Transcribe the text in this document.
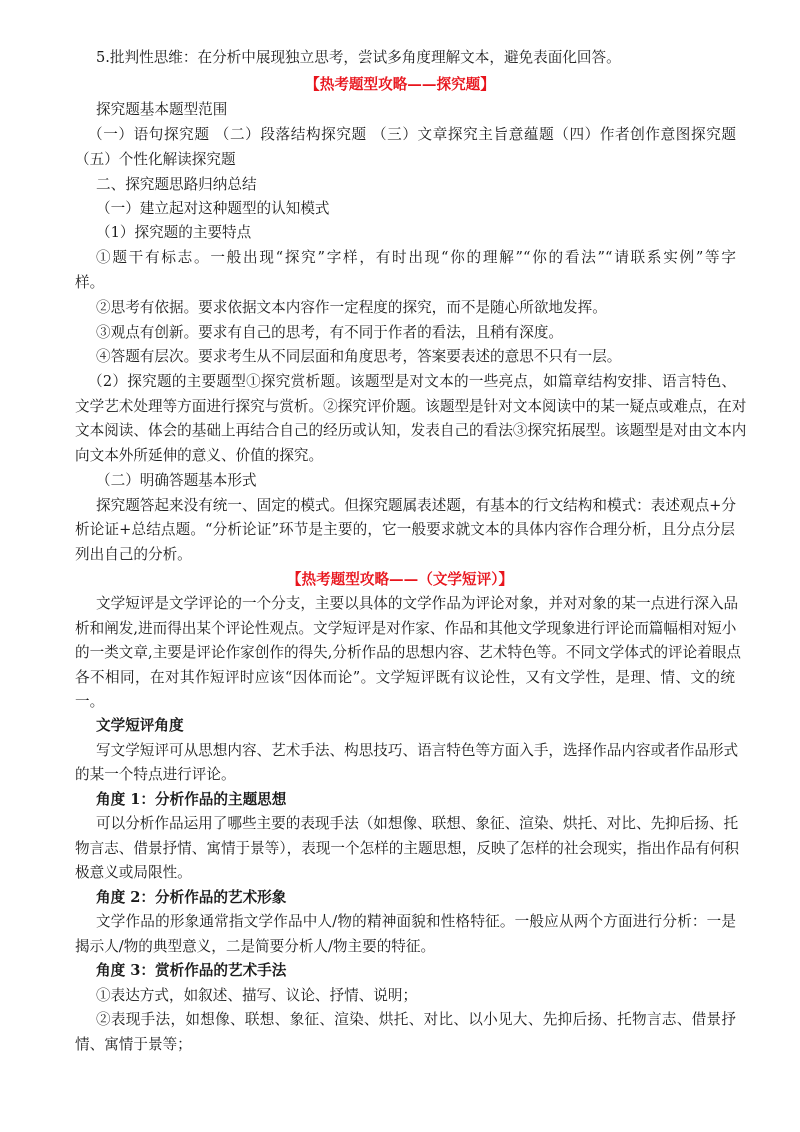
5.批判性思维：在分析中展现独立思考，尝试多角度理解文本，避免表面化回答。
【热考题型攻略——探究题】
探究题基本题型范围
（一）语句探究题 （二）段落结构探究题 （三）文章探究主旨意蕴题（四）作者创作意图探究题
（五）个性化解读探究题
二、探究题思路归纳总结
（一）建立起对这种题型的认知模式
（1）探究题的主要特点
①题干有标志。一般出现“探究”字样，有时出现“你的理解”“你的看法”“请联系实例”等字
样。
②思考有依据。要求依据文本内容作一定程度的探究，而不是随心所欲地发挥。
③观点有创新。要求有自己的思考，有不同于作者的看法，且稍有深度。
④答题有层次。要求考生从不同层面和角度思考，答案要表述的意思不只有一层。
（2）探究题的主要题型①探究赏析题。该题型是对文本的一些亮点，如篇章结构安排、语言特色、
文学艺术处理等方面进行探究与赏析。②探究评价题。该题型是针对文本阅读中的某一疑点或难点，在对
文本阅读、体会的基础上再结合自己的经历或认知，发表自己的看法③探究拓展型。该题型是对由文本内
向文本外所延伸的意义、价值的探究。
（二）明确答题基本形式
探究题答起来没有统一、固定的模式。但探究题属表述题，有基本的行文结构和模式：表述观点+分
析论证+总结点题。“分析论证”环节是主要的，它一般要求就文本的具体内容作合理分析，且分点分层
列出自己的分析。
【热考题型攻略——（文学短评）】
文学短评是文学评论的一个分支，主要以具体的文学作品为评论对象，并对对象的某一点进行深入品
析和阐发,进而得出某个评论性观点。文学短评是对作家、作品和其他文学现象进行评论而篇幅相对短小
的一类文章,主要是评论作家创作的得失,分析作品的思想内容、艺术特色等。不同文学体式的评论着眼点
各不相同，在对其作短评时应该“因体而论”。文学短评既有议论性，又有文学性，是理、情、文的统
一。
文学短评角度
写文学短评可从思想内容、艺术手法、构思技巧、语言特色等方面入手，选择作品内容或者作品形式
的某一个特点进行评论。
角度 1：分析作品的主题思想
可以分析作品运用了哪些主要的表现手法（如想像、联想、象征、渲染、烘托、对比、先抑后扬、托
物言志、借景抒情、寓情于景等），表现一个怎样的主题思想，反映了怎样的社会现实，指出作品有何积
极意义或局限性。
角度 2：分析作品的艺术形象
文学作品的形象通常指文学作品中人/物的精神面貌和性格特征。一般应从两个方面进行分析：一是
揭示人/物的典型意义，二是简要分析人/物主要的特征。
角度 3：赏析作品的艺术手法
①表达方式，如叙述、描写、议论、抒情、说明；
②表现手法，如想像、联想、象征、渲染、烘托、对比、以小见大、先抑后扬、托物言志、借景抒
情、寓情于景等；
